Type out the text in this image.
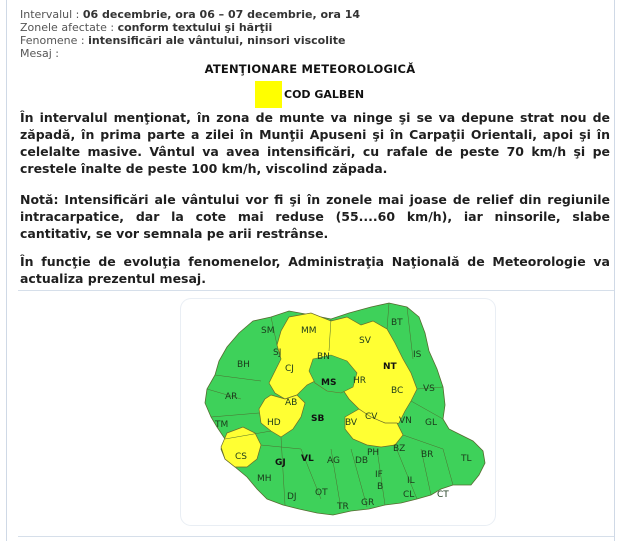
Intervalul : 06 decembrie, ora 06 – 07 decembrie, ora 14
Zonele afectate : conform textului şi hărţii
Fenomene : intensificări ale vântului, ninsori viscolite
Mesaj :
ATENŢIONARE METEOROLOGICĂ
COD GALBEN
În intervalul menţionat, în zona de munte va ninge şi se va depune strat nou de zăpadă, în prima parte a zilei în Munţii Apuseni şi în Carpaţii Orientali, apoi şi în celelalte masive. Vântul va avea intensificări, cu rafale de peste 70 km/h şi pe crestele înalte de peste 100 km/h, viscolind zăpada.
Notă: Intensificări ale vântului vor fi şi în zonele mai joase de relief din regiunile intracarpatice, dar la cote mai reduse (55....60 km/h), iar ninsorile, slabe cantitativ, se vor semnala pe arii restrânse.
În funcţie de evoluţia fenomenelor, Administraţia Naţională de Meteorologie va actualiza prezentul mesaj.
SM	MM
BT
SJ	BN
SV
IS
BH	CJ	NT
MS HR
BC VS
AR
AB
SB	CV VN GL
TM	HD	BV
BR	TL
CS
GJ VL AG DB
PH BZ
MH	IF
B
IL
DJ OT
TR GR
CL	CT
